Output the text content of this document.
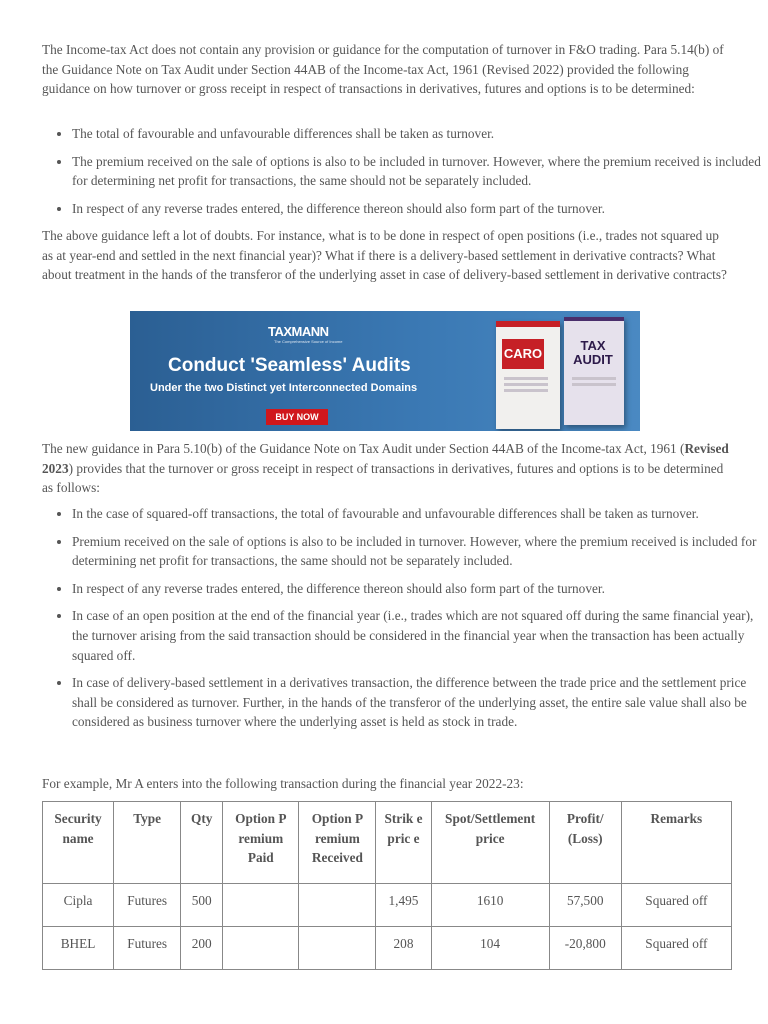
The Income-tax Act does not contain any provision or guidance for the computation of turnover in F&O trading. Para 5.14(b) of the Guidance Note on Tax Audit under Section 44AB of the Income-tax Act, 1961 (Revised 2022) provided the following guidance on how turnover or gross receipt in respect of transactions in derivatives, futures and options is to be determined:

• The total of favourable and unfavourable differences shall be taken as turnover.
• The premium received on the sale of options is also to be included in turnover. However, where the premium received is included for determining net profit for transactions, the same should not be separately included.
• In respect of any reverse trades entered, the difference thereon should also form part of the turnover.

The above guidance left a lot of doubts. For instance, what is to be done in respect of open positions (i.e., trades not squared up as at year-end and settled in the next financial year)? What if there is a delivery-based settlement in derivative contracts? What about treatment in the hands of the transferor of the underlying asset in case of delivery-based settlement in derivative contracts?

TAXMANN
The Comprehensive Source of Income
Conduct 'Seamless' Audits
Under the two Distinct yet Interconnected Domains
BUY NOW
CARO
TAX
AUDIT

The new guidance in Para 5.10(b) of the Guidance Note on Tax Audit under Section 44AB of the Income-tax Act, 1961 (Revised 2023) provides that the turnover or gross receipt in respect of transactions in derivatives, futures and options is to be determined as follows:

• In the case of squared-off transactions, the total of favourable and unfavourable differences shall be taken as turnover.
• Premium received on the sale of options is also to be included in turnover. However, where the premium received is included for determining net profit for transactions, the same should not be separately included.
• In respect of any reverse trades entered, the difference thereon should also form part of the turnover.
• In case of an open position at the end of the financial year (i.e., trades which are not squared off during the same financial year), the turnover arising from the said transaction should be considered in the financial year when the transaction has been actually squared off.
• In case of delivery-based settlement in a derivatives transaction, the difference between the trade price and the settlement price shall be considered as turnover. Further, in the hands of the transferor of the underlying asset, the entire sale value shall also be considered as business turnover where the underlying asset is held as stock in trade.

For example, Mr A enters into the following transaction during the financial year 2022-23:

Security name	Type	Qty	Option P remium Paid	Option P remium Received	Strik e pric e	Spot/Settlement price	Profit/ (Loss)	Remarks
Cipla	Futures	500			1,495	1610	57,500	Squared off
BHEL	Futures	200			208	104	-20,800	Squared off
